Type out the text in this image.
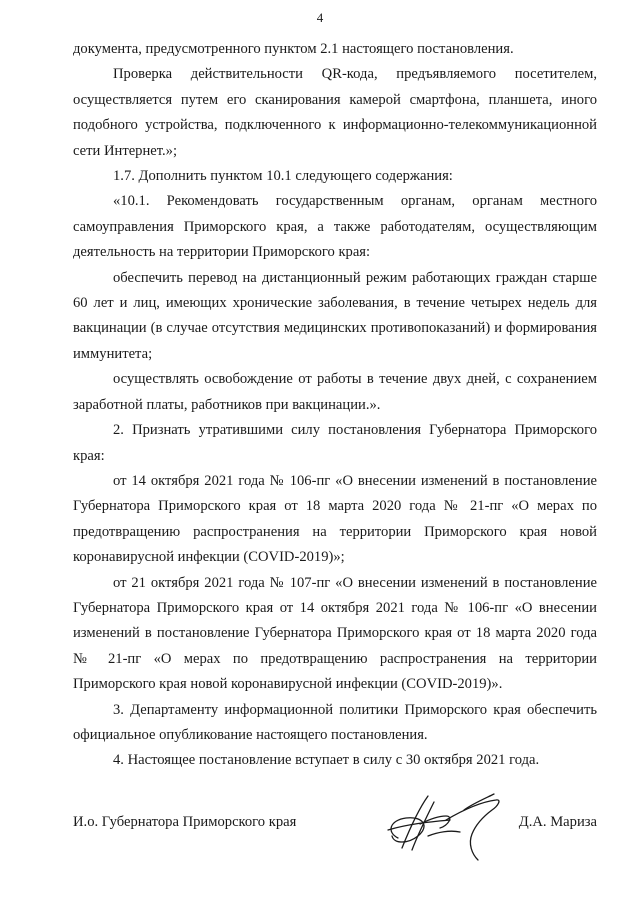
4

документа, предусмотренного пунктом 2.1 настоящего постановления.

Проверка действительности QR-кода, предъявляемого посетителем, осуществляется путем его сканирования камерой смартфона, планшета, иного подобного устройства, подключенного к информационно-телекоммуникационной сети Интернет.»;

1.7. Дополнить пунктом 10.1 следующего содержания:

«10.1. Рекомендовать государственным органам, органам местного самоуправления Приморского края, а также работодателям, осуществляющим деятельность на территории Приморского края:

обеспечить перевод на дистанционный режим работающих граждан старше 60 лет и лиц, имеющих хронические заболевания, в течение четырех недель для вакцинации (в случае отсутствия медицинских противопоказаний) и формирования иммунитета;

осуществлять освобождение от работы в течение двух дней, с сохранением заработной платы, работников при вакцинации.».

2. Признать утратившими силу постановления Губернатора Приморского края:

от 14 октября 2021 года № 106-пг «О внесении изменений в постановление Губернатора Приморского края от 18 марта 2020 года № 21-пг «О мерах по предотвращению распространения на территории Приморского края новой коронавирусной инфекции (COVID-2019)»;

от 21 октября 2021 года № 107-пг «О внесении изменений в постановление Губернатора Приморского края от 14 октября 2021 года № 106-пг «О внесении изменений в постановление Губернатора Приморского края от 18 марта 2020 года № 21-пг «О мерах по предотвращению распространения на территории Приморского края новой коронавирусной инфекции (COVID-2019)».

3. Департаменту информационной политики Приморского края обеспечить официальное опубликование настоящего постановления.

4. Настоящее постановление вступает в силу с 30 октября 2021 года.

И.о. Губернатора Приморского края	Д.А. Мариза
